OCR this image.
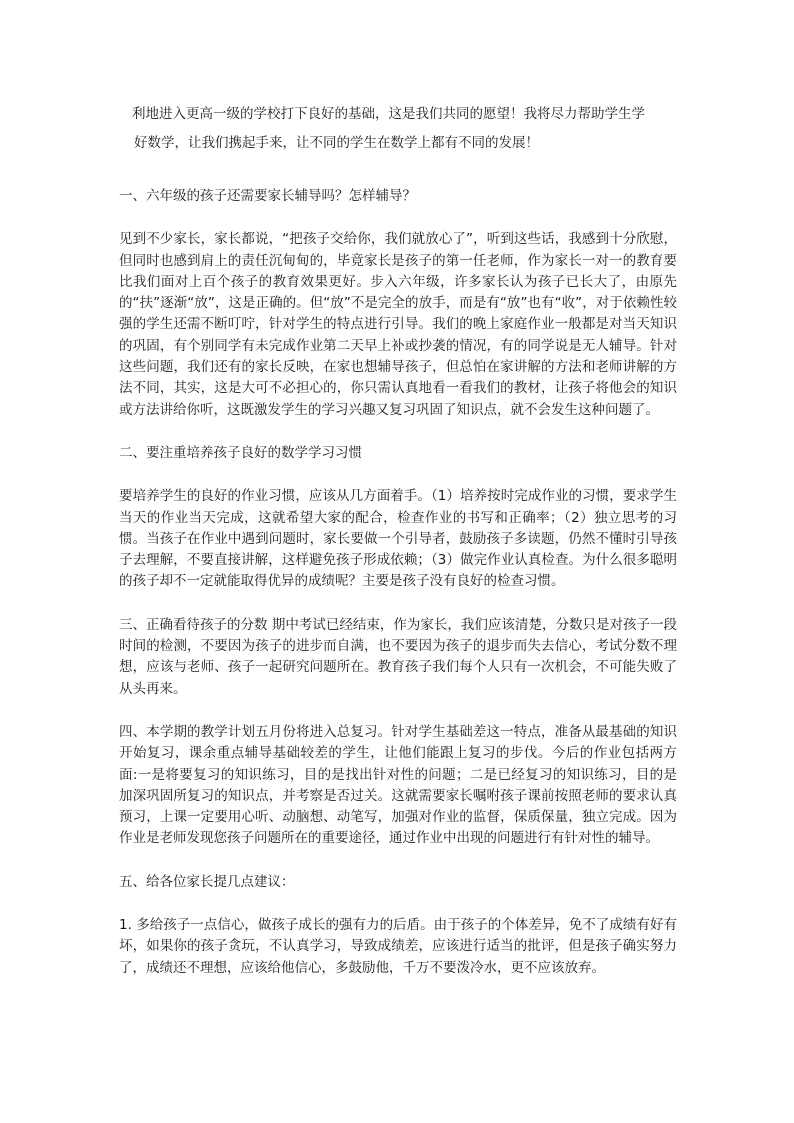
利地进入更高一级的学校打下良好的基础，这是我们共同的愿望！我将尽力帮助学生学

好数学，让我们携起手来，让不同的学生在数学上都有不同的发展！

一、六年级的孩子还需要家长辅导吗？怎样辅导？

见到不少家长，家长都说，“把孩子交给你，我们就放心了”，听到这些话，我感到十分欣慰，但同时也感到肩上的责任沉甸甸的，毕竟家长是孩子的第一任老师，作为家长一对一的教育要比我们面对上百个孩子的教育效果更好。步入六年级，许多家长认为孩子已长大了，由原先的“扶”逐渐“放”，这是正确的。但“放”不是完全的放手，而是有“放”也有“收”，对于依赖性较强的学生还需不断叮咛，针对学生的特点进行引导。我们的晚上家庭作业一般都是对当天知识的巩固，有个别同学有未完成作业第二天早上补或抄袭的情况，有的同学说是无人辅导。针对这些问题，我们还有的家长反映，在家也想辅导孩子，但总怕在家讲解的方法和老师讲解的方法不同，其实，这是大可不必担心的，你只需认真地看一看我们的教材，让孩子将他会的知识或方法讲给你听，这既激发学生的学习兴趣又复习巩固了知识点，就不会发生这种问题了。

二、要注重培养孩子良好的数学学习习惯

要培养学生的良好的作业习惯，应该从几方面着手。（1）培养按时完成作业的习惯，要求学生当天的作业当天完成，这就希望大家的配合，检查作业的书写和正确率；（2）独立思考的习惯。当孩子在作业中遇到问题时，家长要做一个引导者，鼓励孩子多读题，仍然不懂时引导孩子去理解，不要直接讲解，这样避免孩子形成依赖；（3）做完作业认真检查。为什么很多聪明的孩子却不一定就能取得优异的成绩呢？主要是孩子没有良好的检查习惯。

三、正确看待孩子的分数 期中考试已经结束，作为家长，我们应该清楚，分数只是对孩子一段时间的检测，不要因为孩子的进步而自满，也不要因为孩子的退步而失去信心，考试分数不理想，应该与老师、孩子一起研究问题所在。教育孩子我们每个人只有一次机会，不可能失败了从头再来。

四、本学期的教学计划五月份将进入总复习。针对学生基础差这一特点，准备从最基础的知识开始复习，课余重点辅导基础较差的学生，让他们能跟上复习的步伐。今后的作业包括两方面:一是将要复习的知识练习，目的是找出针对性的问题；二是已经复习的知识练习，目的是加深巩固所复习的知识点，并考察是否过关。这就需要家长嘱咐孩子课前按照老师的要求认真预习，上课一定要用心听、动脑想、动笔写，加强对作业的监督，保质保量，独立完成。因为作业是老师发现您孩子问题所在的重要途径，通过作业中出现的问题进行有针对性的辅导。

五、给各位家长提几点建议：

1. 多给孩子一点信心，做孩子成长的强有力的后盾。由于孩子的个体差异，免不了成绩有好有坏，如果你的孩子贪玩，不认真学习，导致成绩差，应该进行适当的批评，但是孩子确实努力了，成绩还不理想，应该给他信心，多鼓励他，千万不要泼冷水，更不应该放弃。
